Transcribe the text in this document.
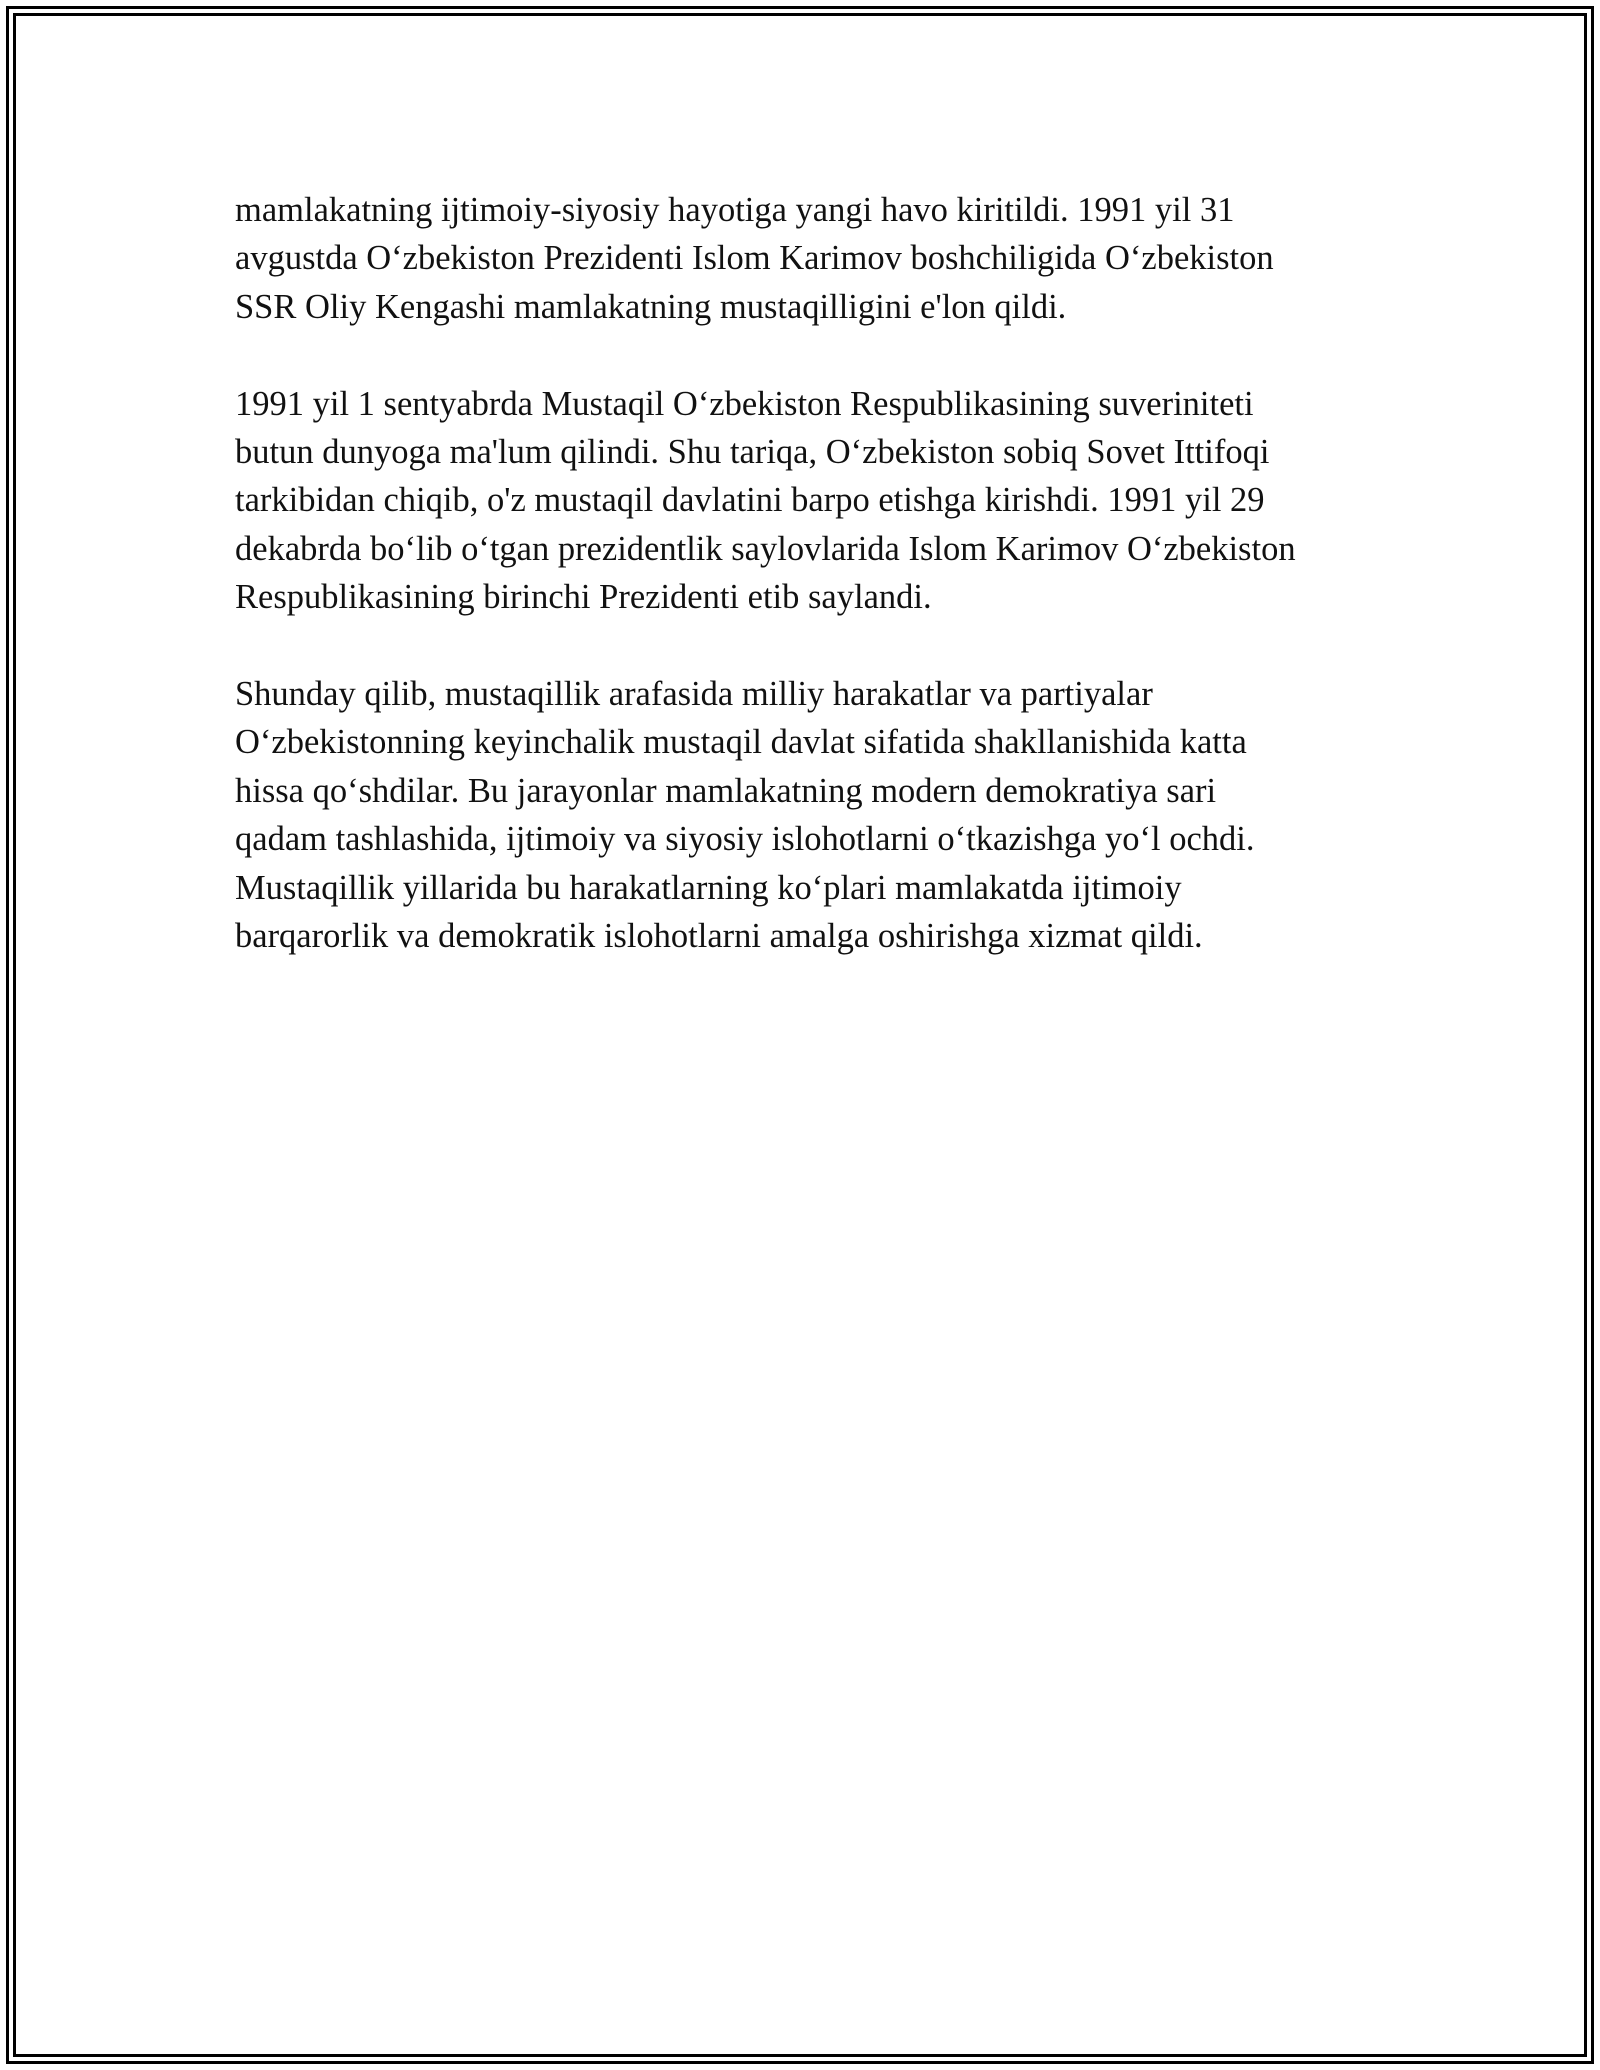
mamlakatning ijtimoiy-siyosiy hayotiga yangi havo kiritildi. 1991 yil 31
avgustda O‘zbekiston Prezidenti Islom Karimov boshchiligida O‘zbekiston
SSR Oliy Kengashi mamlakatning mustaqilligini e'lon qildi.

1991 yil 1 sentyabrda Mustaqil O‘zbekiston Respublikasining suveriniteti
butun dunyoga ma'lum qilindi. Shu tariqa, O‘zbekiston sobiq Sovet Ittifoqi
tarkibidan chiqib, o'z mustaqil davlatini barpo etishga kirishdi. 1991 yil 29
dekabrda bo‘lib o‘tgan prezidentlik saylovlarida Islom Karimov O‘zbekiston
Respublikasining birinchi Prezidenti etib saylandi.

Shunday qilib, mustaqillik arafasida milliy harakatlar va partiyalar
O‘zbekistonning keyinchalik mustaqil davlat sifatida shakllanishida katta
hissa qo‘shdilar. Bu jarayonlar mamlakatning modern demokratiya sari
qadam tashlashida, ijtimoiy va siyosiy islohotlarni o‘tkazishga yo‘l ochdi.
Mustaqillik yillarida bu harakatlarning ko‘plari mamlakatda ijtimoiy
barqarorlik va demokratik islohotlarni amalga oshirishga xizmat qildi.
